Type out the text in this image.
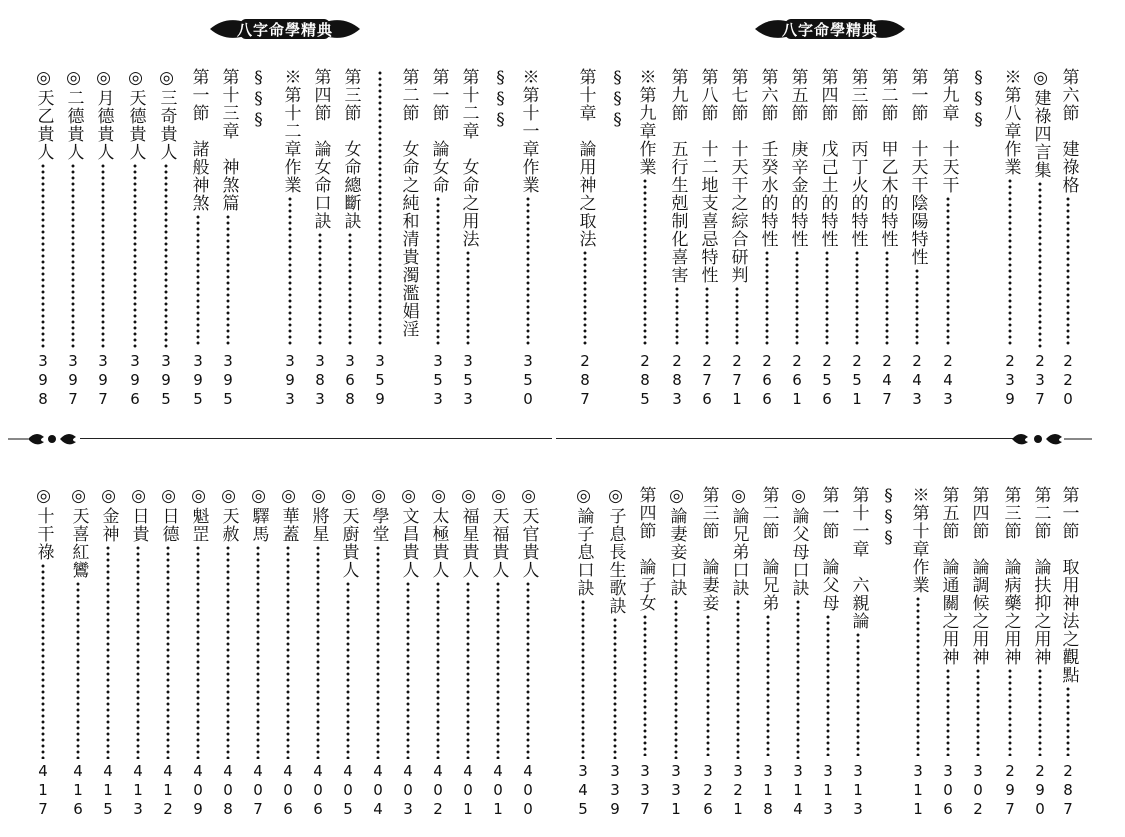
八字命學精典	八字命學精典
第十三章　神煞篇
3
9
5
第一節　諸般神煞
3
9
5
◎三奇貴人
3
9
5
◎天德貴人
3
9
6
◎月德貴人
3
9
7
◎二德貴人
3
9
7
◎天乙貴人
3
9
8
§§§ ※第十二章作業
3
9
3
第四節　論女命口訣
3
8
3
第三節　女命總斷訣
3
6
8
3
5
9
第二節　女命之純和清貴濁濫娼淫 第一節　論女命
3
5
3
第十二章　女命之用法
3
5
3
§§§ ※第十一章作業
3
5
0
第六節　建祿格
2
2
0
◎建祿四言集
2
3
7
※第八章作業
2
3
9
§§§
第九章　十天干
2
4
3
第一節　十天干陰陽特性
2
4
3
第二節　甲乙木的特性
2
4
7
第三節　丙丁火的特性
2
5
1
第四節　戊己土的特性
2
5
6
第五節　庚辛金的特性
2
6
1
第六節　壬癸水的特性
2
6
6
第七節　十天干之綜合研判
2
7
1
第八節　十二地支喜忌特性
2
7
6
第九節　五行生剋制化喜害
2
8
3
※第九章作業
2
8
5
§§§
第十章　論用神之取法
2
8
7
◎天官貴人
4
0
0
◎天福貴人
4
0
1
◎福星貴人
4
0
1
◎太極貴人
4
0
2
◎文昌貴人
4
0
3
◎學堂
4
0
4
◎天廚貴人
4
0
5
◎將星
4
0
6
◎華蓋
4
0
6
◎驛馬
4
0
7
◎天赦
4
0
8
◎魁罡
4
0
9
◎日德
4
1
2
◎日貴
4
1
3
◎金神
4
1
5
◎天喜紅鸞
4
1
6
◎十干祿
4
1
7
第一節　取用神法之觀點
2
8
7
第二節　論扶抑之用神
2
9
0
第三節　論病藥之用神
2
9
7
第四節　論調候之用神
3
0
2
第五節　論通關之用神
3
0
6
※第十章作業
3
1
1
§§§
第十一章　六親論
3
1
3
第一節　論父母
3
1
3
◎論父母口訣
3
1
4
第二節　論兄弟
3
1
8
◎論兄弟口訣
3
2
1
第三節　論妻妾
3
2
6
◎論妻妾口訣
3
3
1
第四節　論子女
3
3
7
◎子息長生歌訣
3
3
9
◎論子息口訣
3
4
5
